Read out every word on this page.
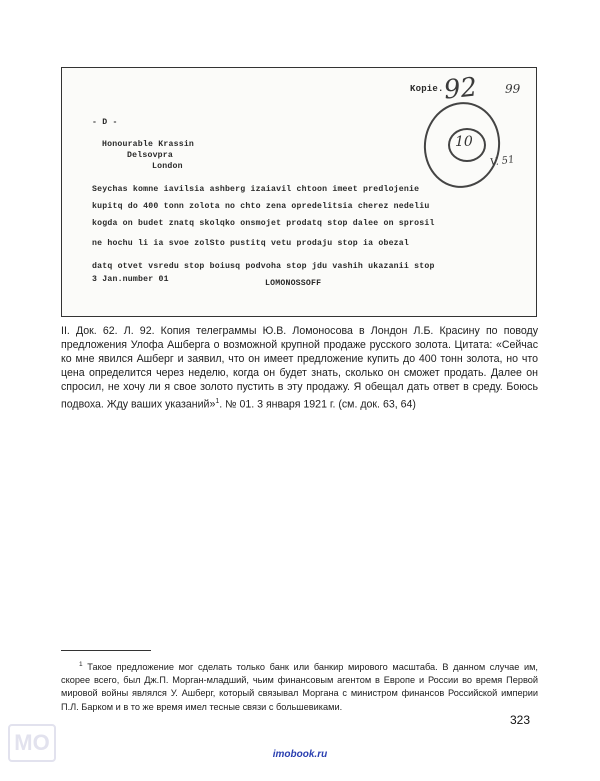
Kopie.
92 99
10
V. 51
- D -
Honourable Krassin
Delsovpra
London
Seychas komne iavilsia ashberg izaiavil chtoon imeet predlojenie
kupitq do 400 tonn zolota no chto zena opredelitsia cherez nedeliu
kogda on budet znatq skolqko onsmojet prodatq stop dalee on sprosil
ne hochu li ia svoe zolSto pustitq vetu prodaju stop ia obezal
datq otvet vsredu stop boiusq podvoha stop jdu vashih ukazanii stop
3 Jan.number 01	LOMONOSSOFF
II. Док. 62. Л. 92. Копия телеграммы Ю.В. Ломоносова в Лондон Л.Б. Красину по поводу предложения Улофа Ашберга о возможной крупной продаже русского золота. Цитата: «Сейчас ко мне явился Ашберг и заявил, что он имеет предложение купить до 400 тонн золота, но что цена определится через неделю, когда он будет знать, сколько он сможет продать. Далее он спросил, не хочу ли я свое золото пустить в эту продажу. Я обещал дать ответ в среду. Боюсь подвоха. Жду ваших указаний»$^1$. № 01. 3 января 1921 г. (см. док. 63, 64)
$^1$ Такое предложение мог сделать только банк или банкир мирового масштаба. В данном случае им, скорее всего, был Дж.П. Морган-младший, чьим финансовым агентом в Европе и России во время Первой мировой войны являлся У. Ашберг, который связывал Моргана с министром финансов Российской империи П.Л. Барком и в то же время имел тесные связи с большевиками.
323
МО	imobook.ru
